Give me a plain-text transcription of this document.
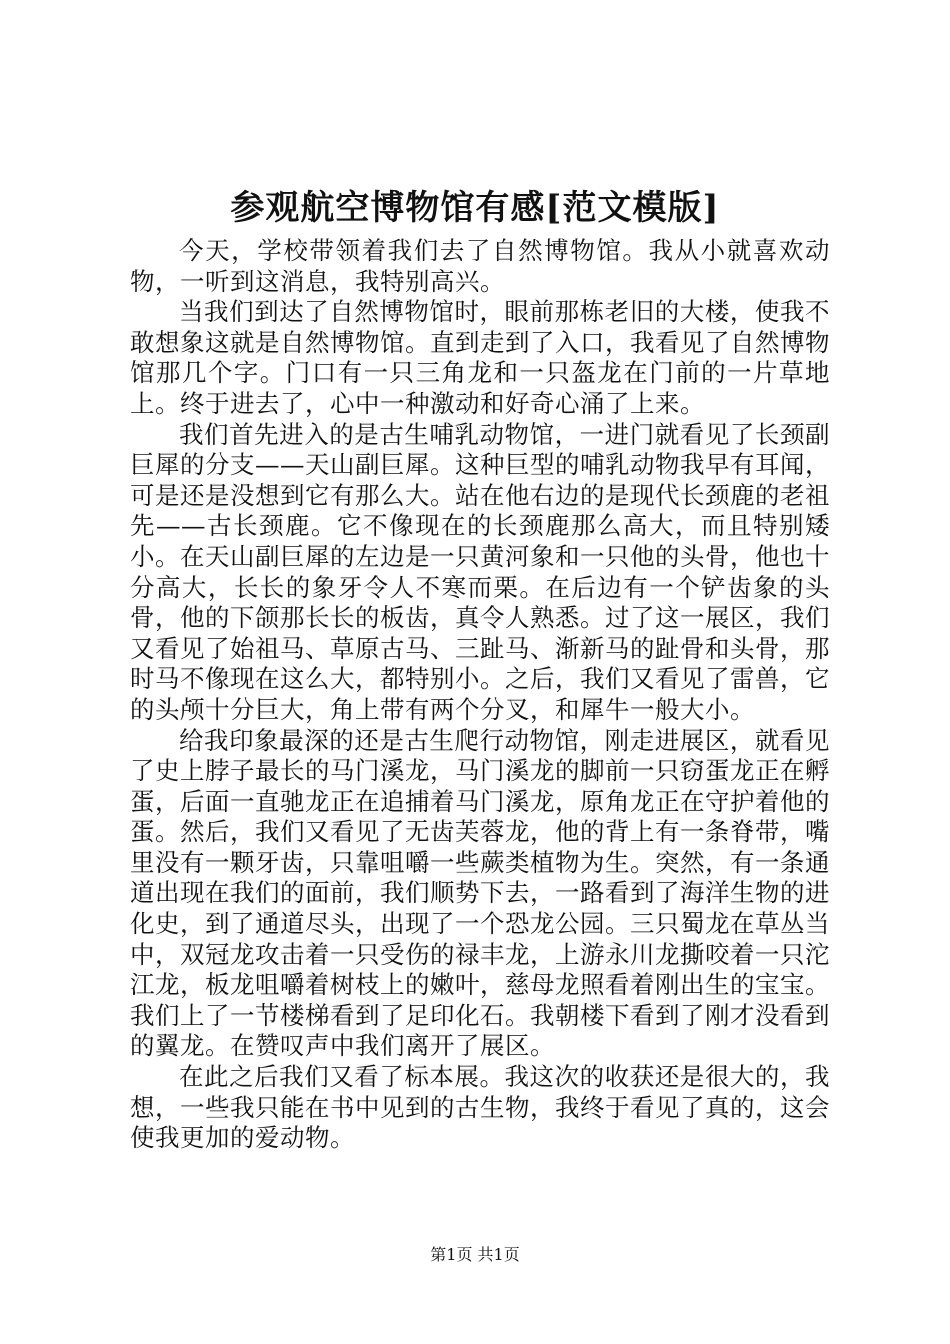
参观航空博物馆有感[范文模版]

今天，学校带领着我们去了自然博物馆。我从小就喜欢动物，一听到这消息，我特别高兴。

当我们到达了自然博物馆时，眼前那栋老旧的大楼，使我不敢想象这就是自然博物馆。直到走到了入口，我看见了自然博物馆那几个字。门口有一只三角龙和一只盔龙在门前的一片草地上。终于进去了，心中一种激动和好奇心涌了上来。

我们首先进入的是古生哺乳动物馆，一进门就看见了长颈副巨犀的分支——天山副巨犀。这种巨型的哺乳动物我早有耳闻，可是还是没想到它有那么大。站在他右边的是现代长颈鹿的老祖先——古长颈鹿。它不像现在的长颈鹿那么高大，而且特别矮小。在天山副巨犀的左边是一只黄河象和一只他的头骨，他也十分高大，长长的象牙令人不寒而栗。在后边有一个铲齿象的头骨，他的下颌那长长的板齿，真令人熟悉。过了这一展区，我们又看见了始祖马、草原古马、三趾马、渐新马的趾骨和头骨，那时马不像现在这么大，都特别小。之后，我们又看见了雷兽，它的头颅十分巨大，角上带有两个分叉，和犀牛一般大小。

给我印象最深的还是古生爬行动物馆，刚走进展区，就看见了史上脖子最长的马门溪龙，马门溪龙的脚前一只窃蛋龙正在孵蛋，后面一直驰龙正在追捕着马门溪龙，原角龙正在守护着他的蛋。然后，我们又看见了无齿芙蓉龙，他的背上有一条脊带，嘴里没有一颗牙齿，只靠咀嚼一些蕨类植物为生。突然，有一条通道出现在我们的面前，我们顺势下去，一路看到了海洋生物的进化史，到了通道尽头，出现了一个恐龙公园。三只蜀龙在草丛当中，双冠龙攻击着一只受伤的禄丰龙，上游永川龙撕咬着一只沱江龙，板龙咀嚼着树枝上的嫩叶，慈母龙照看着刚出生的宝宝。我们上了一节楼梯看到了足印化石。我朝楼下看到了刚才没看到的翼龙。在赞叹声中我们离开了展区。

在此之后我们又看了标本展。我这次的收获还是很大的，我想，一些我只能在书中见到的古生物，我终于看见了真的，这会使我更加的爱动物。

第1页 共1页
